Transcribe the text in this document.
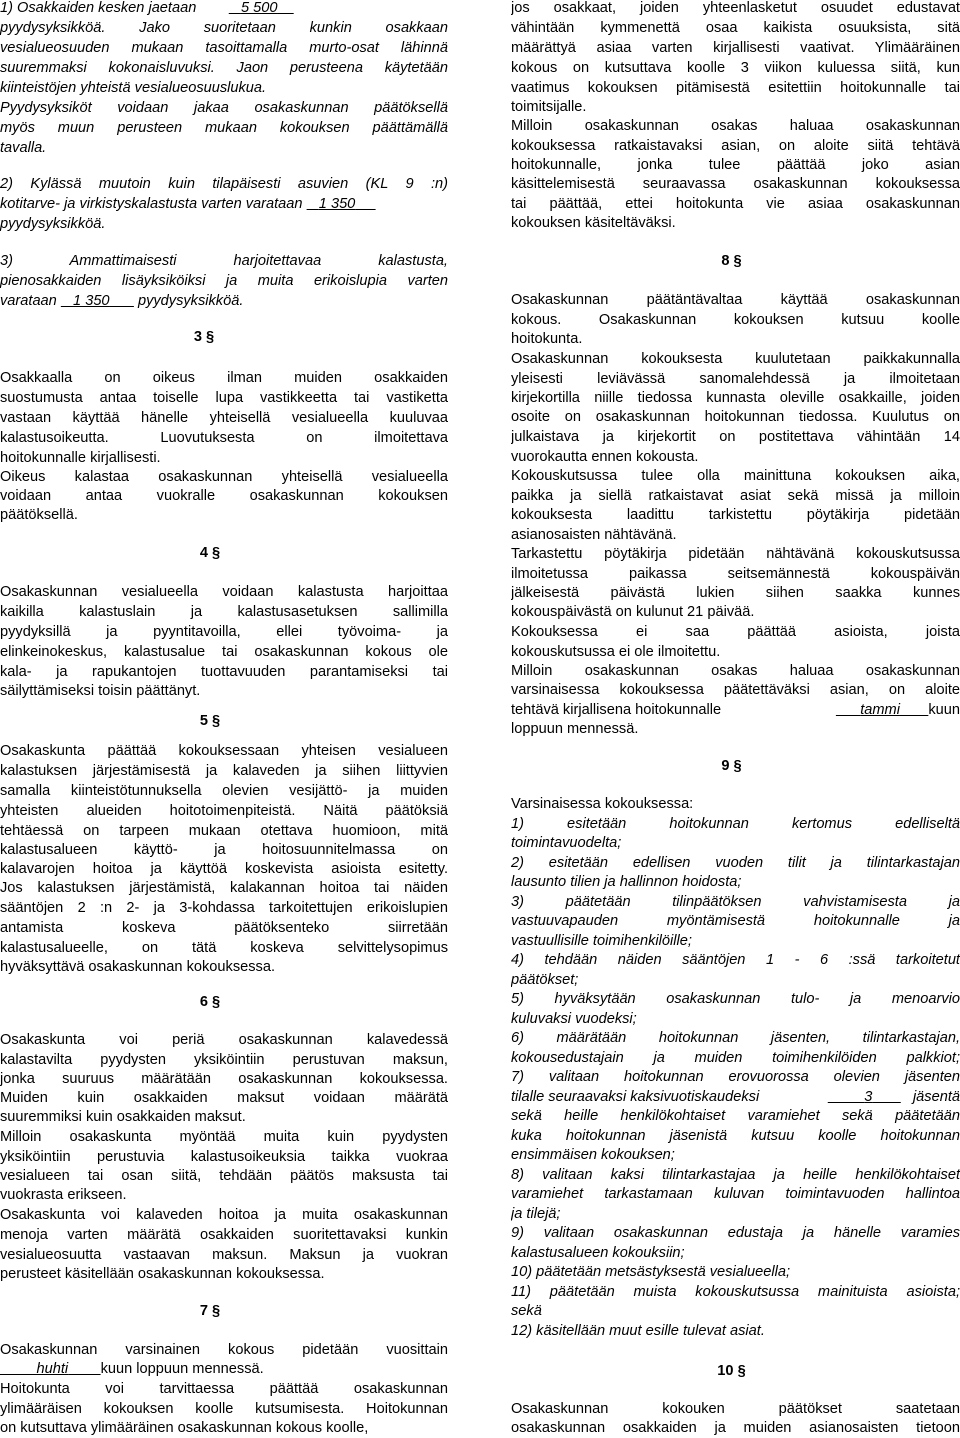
1) Osakkaiden kesken jaetaan	5 500
pyydysyksikköä. Jako suoritetaan kunkin osakkaan
vesialueosuuden mukaan tasoittamalla murto-osat lähinnä
suuremmaksi kokonaisluvuksi. Jaon perusteena käytetään
kiinteistöjen yhteistä vesialueosuuslukua.
Pyydysyksiköt voidaan jakaa osakaskunnan päätöksellä
myös muun perusteen mukaan kokouksen päättämällä
tavalla.
2) Kylässä muutoin kuin tilapäisesti asuvien (KL 9 :n)
kotitarve- ja virkistyskalastusta varten varataan 1 350
pyydysyksikköä.
3) Ammattimaisesti harjoitettavaa kalastusta,
pienosakkaiden lisäyksiköiksi ja muita erikoislupia varten
varataan 1 350 pyydysyksikköä.
3 §
Osakkaalla on oikeus ilman muiden osakkaiden
suostumusta antaa toiselle lupa vastikkeetta tai vastiketta
vastaan käyttää hänelle yhteisellä vesialueella kuuluvaa
kalastusoikeutta. Luovutuksesta on ilmoitettava
hoitokunnalle kirjallisesti.
Oikeus kalastaa osakaskunnan yhteisellä vesialueella
voidaan antaa vuokralle osakaskunnan kokouksen
päätöksellä.
4 §
Osakaskunnan vesialueella voidaan kalastusta harjoittaa
kaikilla kalastuslain ja kalastusasetuksen sallimilla
pyydyksillä ja pyyntitavoilla, ellei työvoima- ja
elinkeinokeskus, kalastusalue tai osakaskunnan kokous ole
kala- ja rapukantojen tuottavuuden parantamiseksi tai
säilyttämiseksi toisin päättänyt.
5 §
Osakaskunta päättää kokouksessaan yhteisen vesialueen
kalastuksen järjestämisestä ja kalaveden ja siihen liittyvien
samalla kiinteistötunnuksella olevien vesijättö- ja muiden
yhteisten alueiden hoitotoimenpiteistä. Näitä päätöksiä
tehtäessä on tarpeen mukaan otettava huomioon, mitä
kalastusalueen käyttö- ja hoitosuunnitelmassa on
kalavarojen hoitoa ja käyttöä koskevista asioista esitetty.
Jos kalastuksen järjestämistä, kalakannan hoitoa tai näiden
sääntöjen 2 :n 2- ja 3-kohdassa tarkoitettujen erikoislupien
antamista koskeva päätöksenteko siirretään
kalastusalueelle, on tätä koskeva selvittelysopimus
hyväksyttävä osakaskunnan kokouksessa.
6 §
Osakaskunta voi periä osakaskunnan kalavedessä
kalastavilta pyydysten yksiköintiin perustuvan maksun,
jonka suuruus määrätään osakaskunnan kokouksessa.
Muiden kuin osakkaiden maksut voidaan määrätä
suuremmiksi kuin osakkaiden maksut.
Milloin osakaskunta myöntää muita kuin pyydysten
yksiköintiin perustuvia kalastusoikeuksia taikka vuokraa
vesialueen tai osan siitä, tehdään päätös maksusta tai
vuokrasta erikseen.
Osakaskunta voi kalaveden hoitoa ja muita osakaskunnan
menoja varten määrätä osakkaiden suoritettavaksi kunkin
vesialueosuutta vastaavan maksun. Maksun ja vuokran
perusteet käsitellään osakaskunnan kokouksessa.
7 §
Osakaskunnan varsinainen kokous pidetään vuosittain
huhti kuun loppuun mennessä.
Hoitokunta voi tarvittaessa päättää osakaskunnan
ylimääräisen kokouksen koolle kutsumisesta. Hoitokunnan
on kutsuttava ylimääräinen osakaskunnan kokous koolle,
jos osakkaat, joiden yhteenlasketut osuudet edustavat
vähintään kymmenettä osaa kaikista osuuksista, sitä
määrättyä asiaa varten kirjallisesti vaativat. Ylimääräinen
kokous on kutsuttava koolle 3 viikon kuluessa siitä, kun
vaatimus kokouksen pitämisestä esitettiin hoitokunnalle tai
toimitsijalle.
Milloin osakaskunnan osakas haluaa osakaskunnan
kokouksessa ratkaistavaksi asian, on aloite siitä tehtävä
hoitokunnalle, jonka tulee päättää joko asian
käsittelemisestä seuraavassa osakaskunnan kokouksessa
tai päättää, ettei hoitokunta vie asiaa osakaskunnan
kokouksen käsiteltäväksi.
8 §
Osakaskunnan päätäntävaltaa käyttää osakaskunnan
kokous. Osakaskunnan kokouksen kutsuu koolle
hoitokunta.
Osakaskunnan kokouksesta kuulutetaan paikkakunnalla
yleisesti leviävässä sanomalehdessä ja ilmoitetaan
kirjekortilla niille tiedossa kunnasta oleville osakkaille, joiden
osoite on osakaskunnan hoitokunnan tiedossa. Kuulutus on
julkaistava ja kirjekortit on postitettava vähintään 14
vuorokautta ennen kokousta.
Kokouskutsussa tulee olla mainittuna kokouksen aika,
paikka ja siellä ratkaistavat asiat sekä missä ja milloin
kokouksesta laadittu tarkistettu pöytäkirja pidetään
asianosaisten nähtävänä.
Tarkastettu pöytäkirja pidetään nähtävänä kokouskutsussa
ilmoitetussa paikassa seitsemännestä kokouspäivän
jälkeisestä päivästä lukien siihen saakka kunnes
kokouspäivästä on kulunut 21 päivää.
Kokouksessa ei saa päättää asioista, joista
kokouskutsussa ei ole ilmoitettu.
Milloin osakaskunnan osakas haluaa osakaskunnan
varsinaisessa kokouksessa päätettäväksi asian, on aloite
tehtävä kirjallisena hoitokunnalle	tammi kuun
loppuun mennessä.
9 §
Varsinaisessa kokouksessa:
1) esitetään hoitokunnan kertomus edelliseltä
toimintavuodelta;
2) esitetään edellisen vuoden tilit ja tilintarkastajan
lausunto tilien ja hallinnon hoidosta;
3) päätetään tilinpäätöksen vahvistamisesta ja
vastuuvapauden myöntämisestä hoitokunnalle ja
vastuullisille toimihenkilöille;
4) tehdään näiden sääntöjen 1 - 6 :ssä tarkoitetut
päätökset;
5) hyväksytään osakaskunnan tulo- ja menoarvio
kuluvaksi vuodeksi;
6) määrätään hoitokunnan jäsenten, tilintarkastajan,
kokousedustajain ja muiden toimihenkilöiden palkkiot;
7) valitaan hoitokunnan erovuorossa olevien jäsenten
tilalle seuraavaksi kaksivuotiskaudeksi	3	jäsentä
sekä heille henkilökohtaiset varamiehet sekä päätetään
kuka hoitokunnan jäsenistä kutsuu koolle hoitokunnan
ensimmäisen kokouksen;
8) valitaan kaksi tilintarkastajaa ja heille henkilökohtaiset
varamiehet tarkastamaan kuluvan toimintavuoden hallintoa
ja tilejä;
9) valitaan osakaskunnan edustaja ja hänelle varamies
kalastusalueen kokouksiin;
10) päätetään metsästyksestä vesialueella;
11) päätetään muista kokouskutsussa mainituista asioista;
sekä
12) käsitellään muut esille tulevat asiat.
10 §
Osakaskunnan kokouken päätökset saatetaan
osakaskunnan osakkaiden ja muiden asianosaisten tietoon
